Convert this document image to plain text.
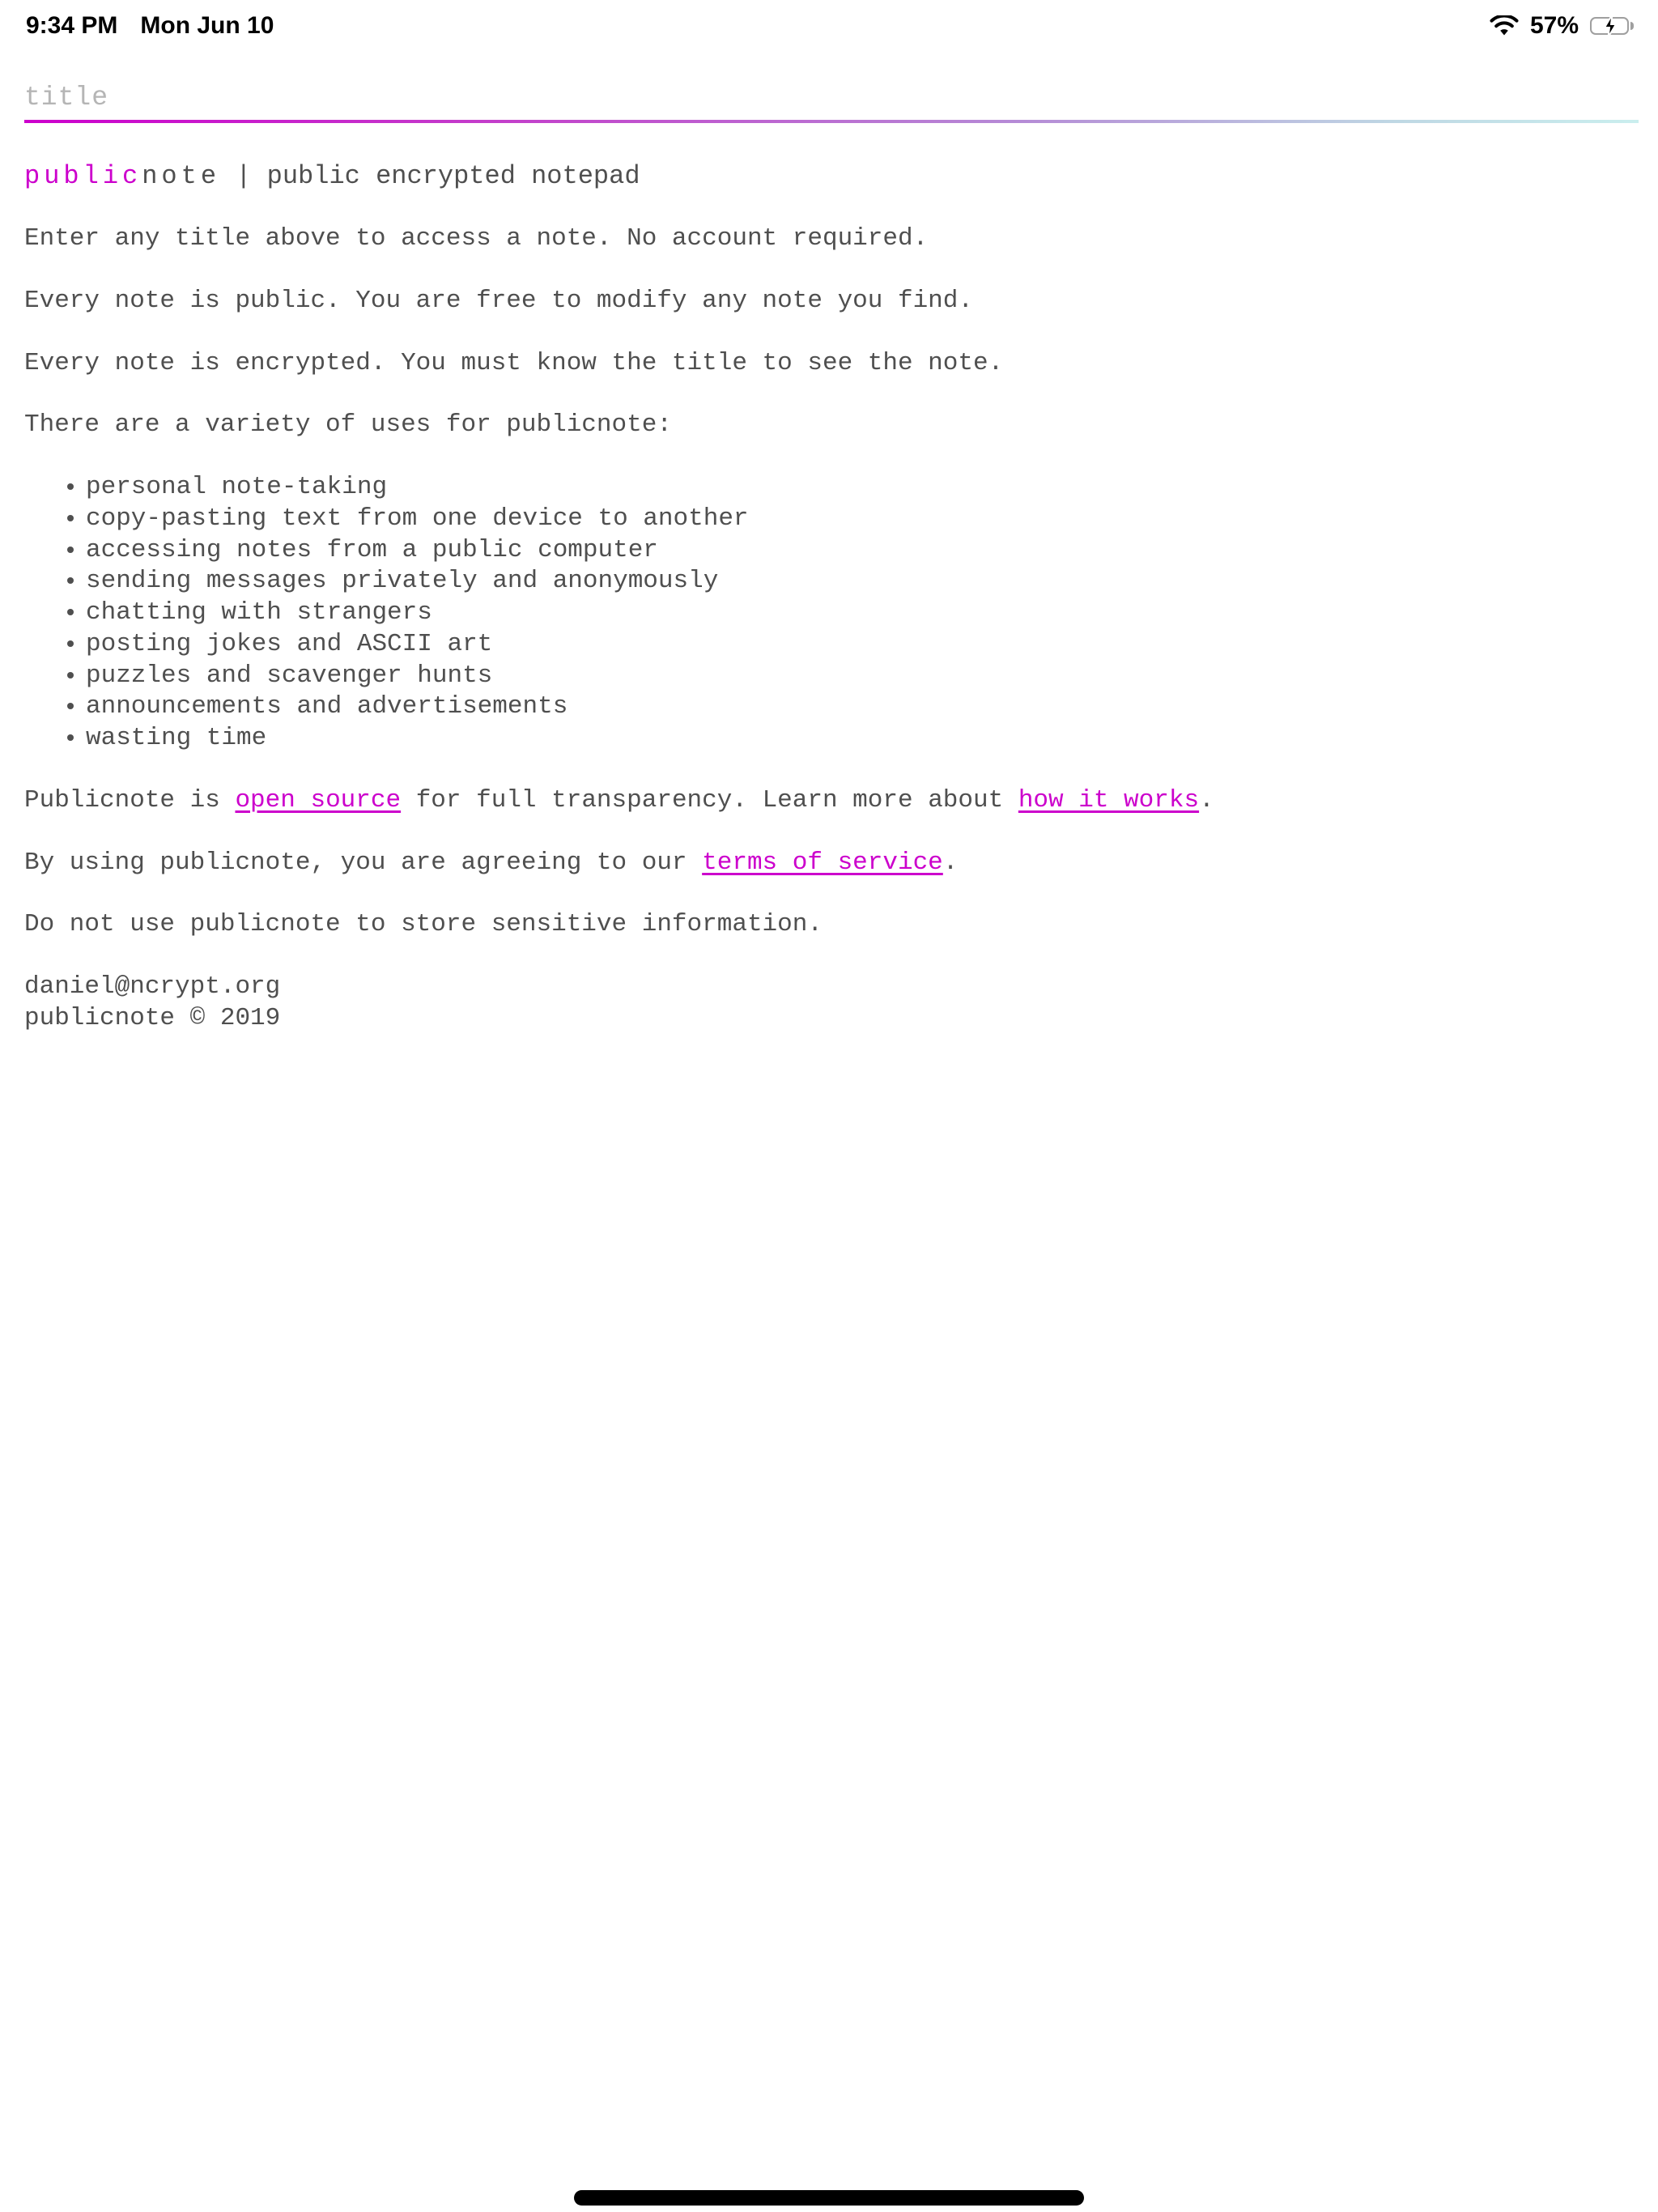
9:34 PM Mon Jun 10	57%
title

publicnote | public encrypted notepad

Enter any title above to access a note. No account required.

Every note is public. You are free to modify any note you find.

Every note is encrypted. You must know the title to see the note.

There are a variety of uses for publicnote:

• personal note-taking
• copy-pasting text from one device to another
• accessing notes from a public computer
• sending messages privately and anonymously
• chatting with strangers
• posting jokes and ASCII art
• puzzles and scavenger hunts
• announcements and advertisements
• wasting time

Publicnote is open source for full transparency. Learn more about how it works.

By using publicnote, you are agreeing to our terms of service.

Do not use publicnote to store sensitive information.

daniel@ncrypt.org
publicnote © 2019
